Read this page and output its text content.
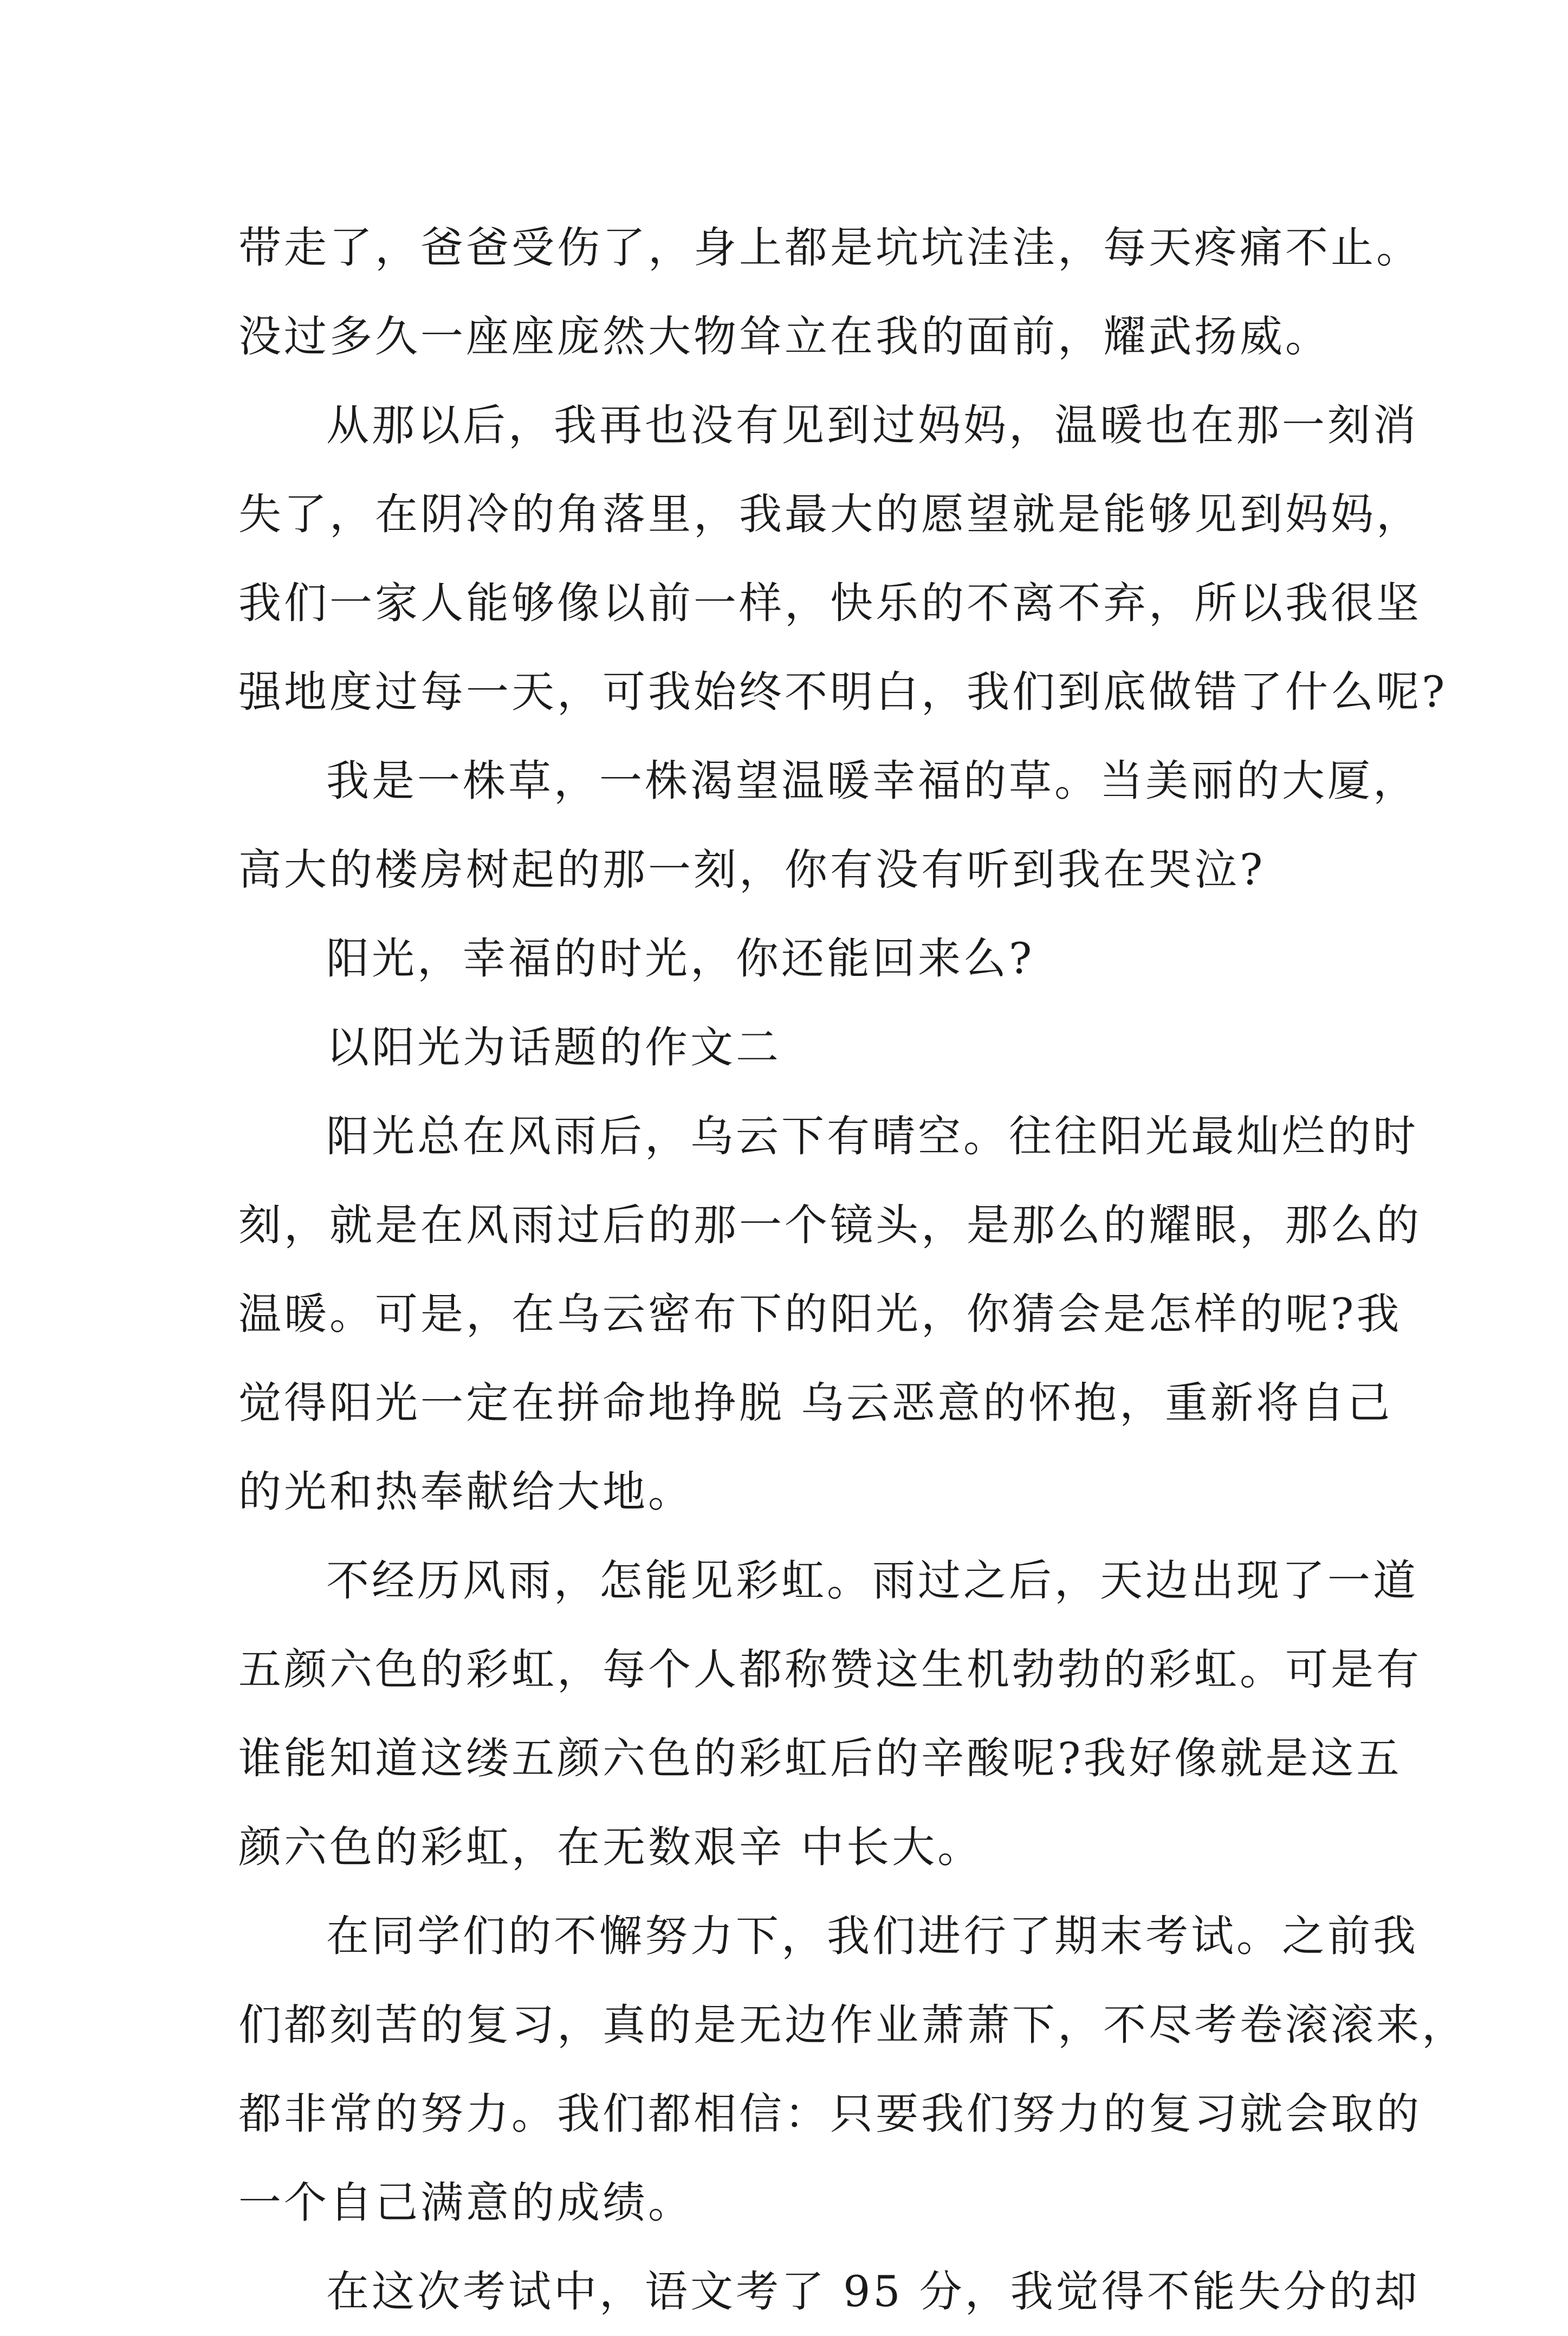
带走了，爸爸受伤了，身上都是坑坑洼洼，每天疼痛不止。
没过多久一座座庞然大物耸立在我的面前，耀武扬威。
从那以后，我再也没有见到过妈妈，温暖也在那一刻消
失了，在阴冷的角落里，我最大的愿望就是能够见到妈妈，
我们一家人能够像以前一样，快乐的不离不弃，所以我很坚
强地度过每一天，可我始终不明白，我们到底做错了什么呢?
我是一株草，一株渴望温暖幸福的草。当美丽的大厦，
高大的楼房树起的那一刻，你有没有听到我在哭泣?
阳光，幸福的时光，你还能回来么?
以阳光为话题的作文二
阳光总在风雨后，乌云下有晴空。往往阳光最灿烂的时
刻，就是在风雨过后的那一个镜头，是那么的耀眼，那么的
温暖。可是，在乌云密布下的阳光，你猜会是怎样的呢?我
觉得阳光一定在拼命地挣脱 乌云恶意的怀抱，重新将自己
的光和热奉献给大地。
不经历风雨，怎能见彩虹。雨过之后，天边出现了一道
五颜六色的彩虹，每个人都称赞这生机勃勃的彩虹。可是有
谁能知道这缕五颜六色的彩虹后的辛酸呢?我好像就是这五
颜六色的彩虹，在无数艰辛 中长大。
在同学们的不懈努力下，我们进行了期末考试。之前我
们都刻苦的复习，真的是无边作业萧萧下，不尽考卷滚滚来，
都非常的努力。我们都相信：只要我们努力的复习就会取的
一个自己满意的成绩。
在这次考试中，语文考了 95 分，我觉得不能失分的却
